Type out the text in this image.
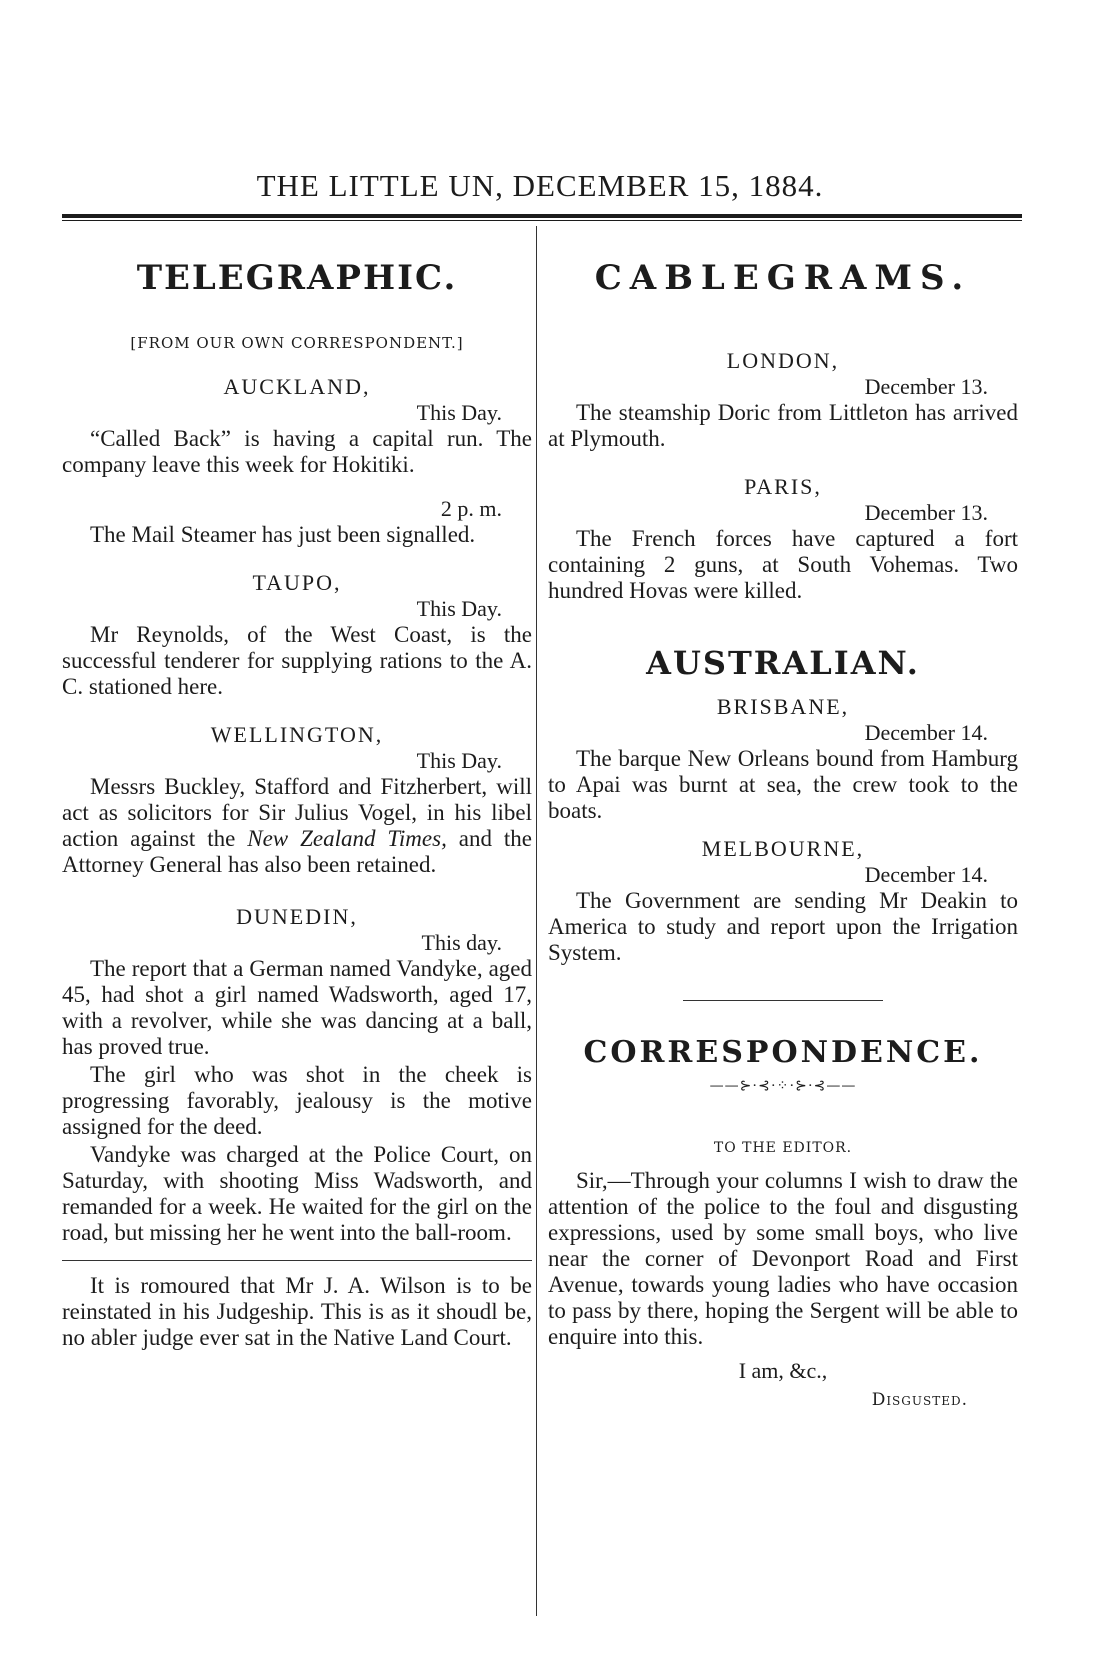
THE LITTLE UN, DECEMBER 15, 1884.
TELEGRAPHIC.
[FROM OUR OWN CORRESPONDENT.]
AUCKLAND,
This Day.

“Called Back” is having a capital run. The company leave this week for Hokitiki.

2 p. m.

The Mail Steamer has just been signalled.

TAUPO,
This Day.

Mr Reynolds, of the West Coast, is the successful tenderer for supplying rations to the A. C. stationed here.

WELLINGTON,
This Day.

Messrs Buckley, Stafford and Fitzherbert, will act as solicitors for Sir Julius Vogel, in his libel action against the New Zealand Times, and the Attorney General has also been retained.

DUNEDIN,
This day.

The report that a German named Vandyke, aged 45, had shot a girl named Wadsworth, aged 17, with a revolver, while she was dancing at a ball, has proved true.

The girl who was shot in the cheek is progressing favorably, jealousy is the motive assigned for the deed.

Vandyke was charged at the Police Court, on Saturday, with shooting Miss Wadsworth, and remanded for a week. He waited for the girl on the road, but missing her he went into the ball-room.

It is romoured that Mr J. A. Wilson is to be reinstated in his Judgeship. This is as it shoudl be, no abler judge ever sat in the Native Land Court.

CABLEGRAMS.
LONDON,
December 13.

The steamship Doric from Littleton has arrived at Plymouth.

PARIS,
December 13.

The French forces have captured a fort containing 2 guns, at South Vohemas. Two hundred Hovas were killed.

AUSTRALIAN.
BRISBANE,
December 14.

The barque New Orleans bound from Hamburg to Apai was burnt at sea, the crew took to the boats.

MELBOURNE,
December 14.

The Government are sending Mr Deakin to America to study and report upon the Irrigation System.

CORRESPONDENCE.
——⊱⋅⊰⋅⁘⋅⊱⋅⊰——
TO THE EDITOR.

Sir,—Through your columns I wish to draw the attention of the police to the foul and disgusting expressions, used by some small boys, who live near the corner of Devonport Road and First Avenue, towards young ladies who have occasion to pass by there, hoping the Sergent will be able to enquire into this.

I am, &c.,
Disgusted.
